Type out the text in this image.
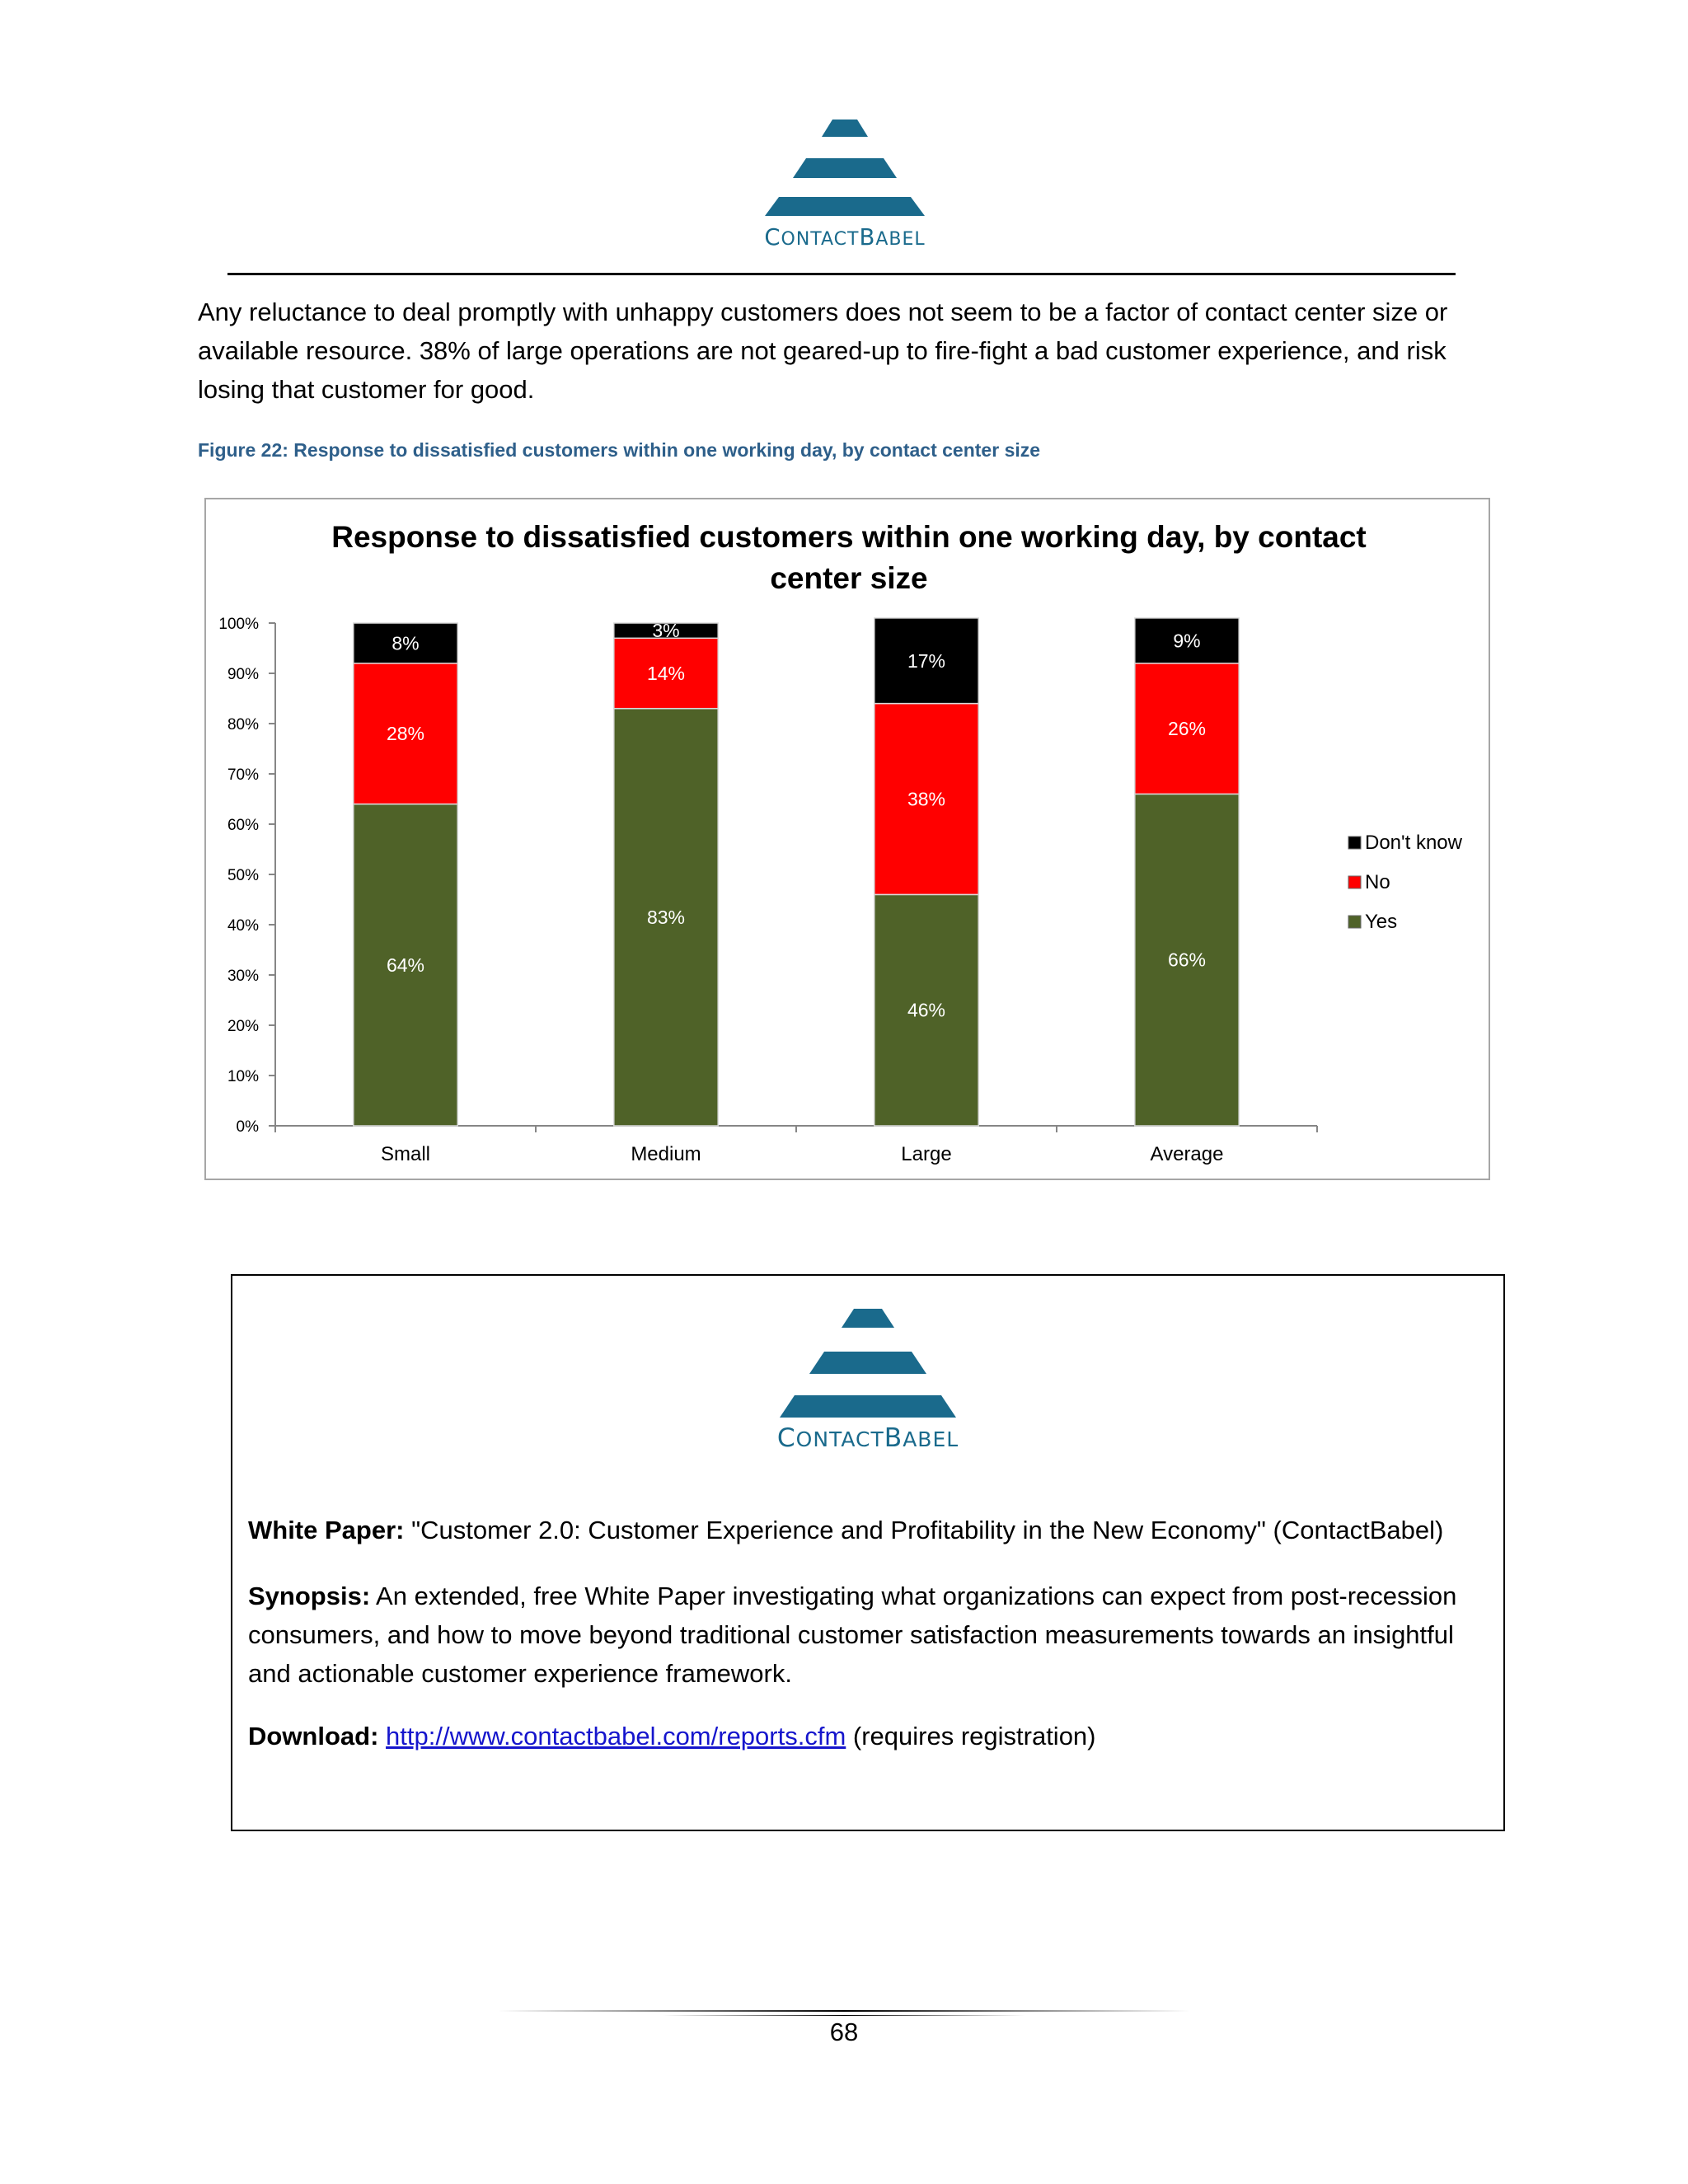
CONTACTBABEL
Any reluctance to deal promptly with unhappy customers does not seem to be a factor of contact center size or available resource. 38% of large operations are not geared-up to fire-fight a bad customer experience, and risk losing that customer for good.
Figure 22: Response to dissatisfied customers within one working day, by contact center size
Response to dissatisfied customers within one working day, by contact
center size
0%
10%
20%
30%
40%
50%
60%
70%
80%
90%
100%
64%
28%
8%
Small
83%
14%
3%
Medium
46%
38%
17%
Large
66%
26%
9%
Average
Don't know
No
Yes
CONTACTBABEL
White Paper: "Customer 2.0: Customer Experience and Profitability in the New Economy" (ContactBabel)
Synopsis: An extended, free White Paper investigating what organizations can expect from post-recession consumers, and how to move beyond traditional customer satisfaction measurements towards an insightful and actionable customer experience framework.
Download: http://www.contactbabel.com/reports.cfm (requires registration)
68
